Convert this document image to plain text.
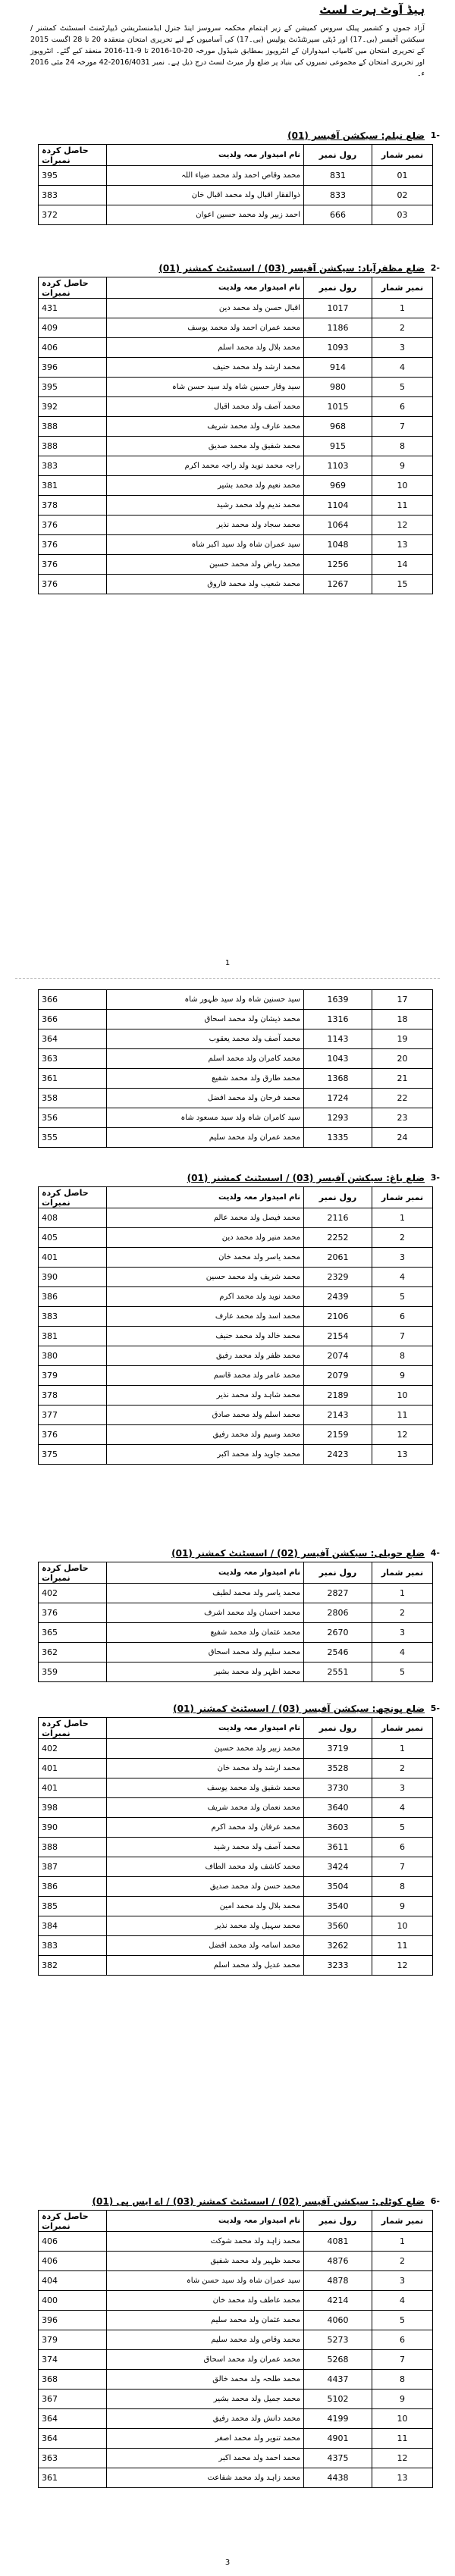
ہیڈ آوٹ ہرت لسٹ
آزاد جموں و کشمیر پبلک سروس کمیشن کے زیر اہتمام محکمہ سروسز اینڈ جنرل ایڈمنسٹریشن ڈیپارٹمنٹ اسسٹنٹ کمشنر / سیکشن آفیسر (بی۔17) اور ڈپٹی سپرنٹنڈنٹ پولیس (بی۔17) کی آسامیوں کے لیے تحریری امتحان منعقدہ 20 تا 28 اگست 2015 کے تحریری امتحان میں کامیاب امیدواران کے انٹرویوز بمطابق شیڈول مورخہ 20-10-2016 تا 9-11-2016 منعقد کیے گئے۔ انٹرویوز اور تحریری امتحان کے مجموعی نمبروں کی بنیاد پر ضلع وار میرٹ لسٹ درج ذیل ہے۔ نمبر 2016/4031-42 مورخہ 24 مئی 2016 ء۔
-1
ضلع نیلم: سیکشن آفیسر (01)
حاصل کردہ نمبرات	نام امیدوار معہ ولدیت	رول نمبر	نمبر شمار
395	محمد وقاص احمد ولد محمد ضیاء اللہ	831	01
383	ذوالفقار اقبال ولد محمد اقبال خان	833	02
372	احمد زبیر ولد محمد حسین اعوان	666	03
-2
ضلع مظفرآباد: سیکشن آفیسر (03) / اسسٹنٹ کمشنر (01)
حاصل کردہ نمبرات	نام امیدوار معہ ولدیت	رول نمبر	نمبر شمار
431	اقبال حسن ولد محمد دین	1017	1
409	محمد عمران احمد ولد محمد یوسف	1186	2
406	محمد بلال ولد محمد اسلم	1093	3
396	محمد ارشد ولد محمد حنیف	914	4
395	سید وقار حسین شاہ ولد سید حسن شاہ	980	5
392	محمد آصف ولد محمد اقبال	1015	6
388	محمد عارف ولد محمد شریف	968	7
388	محمد شفیق ولد محمد صدیق	915	8
383	راجہ محمد نوید ولد راجہ محمد اکرم	1103	9
381	محمد نعیم ولد محمد بشیر	969	10
378	محمد ندیم ولد محمد رشید	1104	11
376	محمد سجاد ولد محمد نذیر	1064	12
376	سید عمران شاہ ولد سید اکبر شاہ	1048	13
376	محمد ریاض ولد محمد حسین	1256	14
376	محمد شعیب ولد محمد فاروق	1267	15
366	سید حسنین شاہ ولد سید ظہور شاہ	1639	17
366	محمد ذیشان ولد محمد اسحاق	1316	18
364	محمد آصف ولد محمد یعقوب	1143	19
363	محمد کامران ولد محمد اسلم	1043	20
361	محمد طارق ولد محمد شفیع	1368	21
358	محمد فرحان ولد محمد افضل	1724	22
356	سید کامران شاہ ولد سید مسعود شاہ	1293	23
355	محمد عمران ولد محمد سلیم	1335	24
-3
ضلع باغ: سیکشن آفیسر (03) / اسسٹنٹ کمشنر (01)
حاصل کردہ نمبرات	نام امیدوار معہ ولدیت	رول نمبر	نمبر شمار
408	محمد فیصل ولد محمد عالم	2116	1
405	محمد منیر ولد محمد دین	2252	2
401	محمد یاسر ولد محمد خان	2061	3
390	محمد شریف ولد محمد حسین	2329	4
386	محمد نوید ولد محمد اکرم	2439	5
383	محمد اسد ولد محمد عارف	2106	6
381	محمد خالد ولد محمد حنیف	2154	7
380	محمد ظفر ولد محمد رفیق	2074	8
379	محمد عامر ولد محمد قاسم	2079	9
378	محمد شاہد ولد محمد نذیر	2189	10
377	محمد اسلم ولد محمد صادق	2143	11
376	محمد وسیم ولد محمد رفیق	2159	12
375	محمد جاوید ولد محمد اکبر	2423	13
-4
ضلع حویلی: سیکشن آفیسر (02) / اسسٹنٹ کمشنر (01)
حاصل کردہ نمبرات	نام امیدوار معہ ولدیت	رول نمبر	نمبر شمار
402	محمد یاسر ولد محمد لطیف	2827	1
376	محمد احسان ولد محمد اشرف	2806	2
365	محمد عثمان ولد محمد شفیع	2670	3
362	محمد سلیم ولد محمد اسحاق	2546	4
359	محمد اظہر ولد محمد بشیر	2551	5
-5
ضلع پونچھ: سیکشن آفیسر (03) / اسسٹنٹ کمشنر (01)
حاصل کردہ نمبرات	نام امیدوار معہ ولدیت	رول نمبر	نمبر شمار
402	محمد زبیر ولد محمد حسین	3719	1
401	محمد ارشد ولد محمد خان	3528	2
401	محمد شفیق ولد محمد یوسف	3730	3
398	محمد نعمان ولد محمد شریف	3640	4
390	محمد عرفان ولد محمد اکرم	3603	5
388	محمد آصف ولد محمد رشید	3611	6
387	محمد کاشف ولد محمد الطاف	3424	7
386	محمد حسن ولد محمد صدیق	3504	8
385	محمد بلال ولد محمد امین	3540	9
384	محمد سہیل ولد محمد نذیر	3560	10
383	محمد اسامہ ولد محمد افضل	3262	11
382	محمد عدیل ولد محمد اسلم	3233	12
-6
ضلع کوٹلی: سیکشن آفیسر (02) / اسسٹنٹ کمشنر (03) / اے ایس پی (01)
حاصل کردہ نمبرات	نام امیدوار معہ ولدیت	رول نمبر	نمبر شمار
406	محمد زاہد ولد محمد شوکت	4081	1
406	محمد ظہیر ولد محمد شفیق	4876	2
404	سید عمران شاہ ولد سید حسن شاہ	4878	3
400	محمد عاطف ولد محمد خان	4214	4
396	محمد عثمان ولد محمد سلیم	4060	5
379	محمد وقاص ولد محمد سلیم	5273	6
374	محمد عمران ولد محمد اسحاق	5268	7
368	محمد طلحہ ولد محمد خالق	4437	8
367	محمد جمیل ولد محمد بشیر	5102	9
364	محمد دانش ولد محمد رفیق	4199	10
364	محمد تنویر ولد محمد اصغر	4901	11
363	محمد احمد ولد محمد اکبر	4375	12
361	محمد زاہد ولد محمد شفاعت	4438	13
1
3
